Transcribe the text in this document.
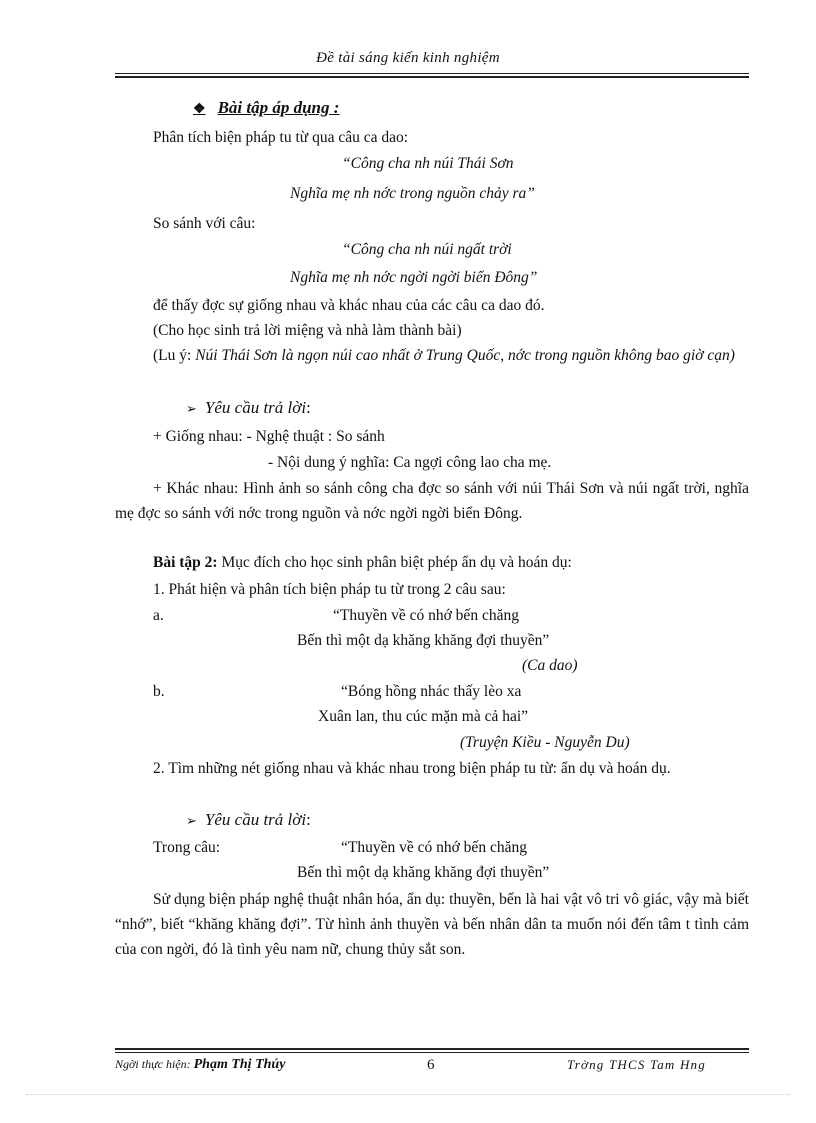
Đề tài sáng kiến kinh nghiệm
❖ Bài tập áp dụng :
Phân tích biện pháp tu từ qua câu ca dao:
“Công cha nh núi Thái Sơn
Nghĩa mẹ nh nớc trong nguồn chảy ra”
So sánh với câu:
“Công cha nh núi ngất trời
Nghĩa mẹ nh nớc ngời ngời biển Đông”
để thấy đợc sự giống nhau và khác nhau của các câu ca dao đó.
(Cho học sinh trả lời miệng và nhà làm thành bài)
(Lu ý: Núi Thái Sơn là ngọn núi cao nhất ở Trung Quốc, nớc trong nguồn không bao giờ cạn)
➢ Yêu cầu trả lời:
+ Giống nhau: - Nghệ thuật : So sánh
- Nội dung ý nghĩa: Ca ngợi công lao cha mẹ.
+ Khác nhau: Hình ảnh so sánh công cha đợc so sánh với núi Thái Sơn và núi ngất trời, nghĩa mẹ đợc so sánh với nớc trong nguồn và nớc ngời ngời biển Đông.
Bài tập 2: Mục đích cho học sinh phân biệt phép ẩn dụ và hoán dụ:
1. Phát hiện và phân tích biện pháp tu từ trong 2 câu sau:
a.	“Thuyền về có nhớ bến chăng
Bến thì một dạ khăng khăng đợi thuyền”
(Ca dao)
b.	“Bóng hồng nhác thấy lèo xa
Xuân lan, thu cúc mặn mà cả hai”
(Truyện Kiều - Nguyễn Du)
2. Tìm những nét giống nhau và khác nhau trong biện pháp tu từ: ẩn dụ và hoán dụ.
➢ Yêu cầu trả lời:
Trong câu:	“Thuyền về có nhớ bến chăng
Bến thì một dạ khăng khăng đợi thuyền”
Sử dụng biện pháp nghệ thuật nhân hóa, ẩn dụ: thuyền, bến là hai vật vô tri vô giác, vậy mà biết “nhớ”, biết “khăng khăng đợi”. Từ hình ảnh thuyền và bến nhân dân ta muốn nói đến tâm t tình cảm của con ngời, đó là tình yêu nam nữ, chung thủy sắt son.
Ngời thực hiện: Phạm Thị Thúy	6	Trờng THCS Tam Hng
